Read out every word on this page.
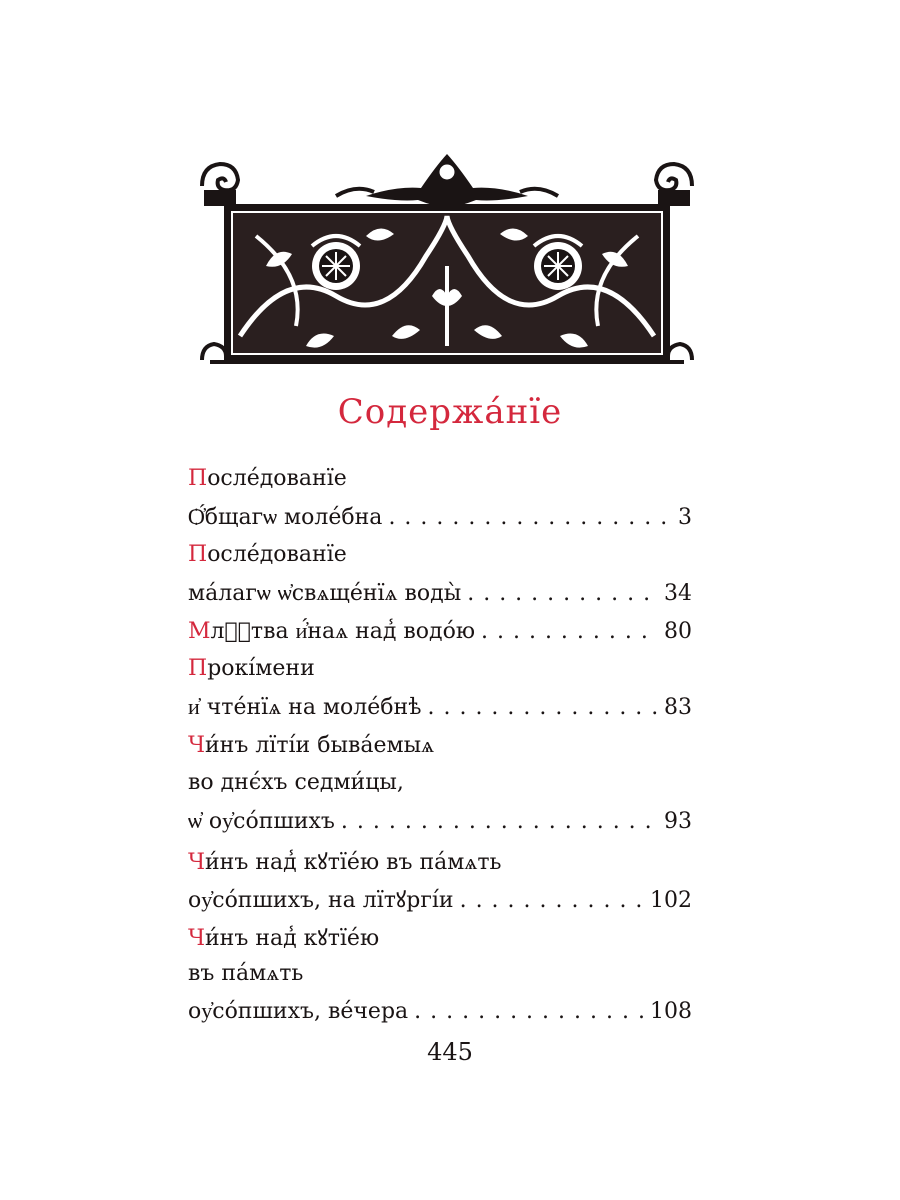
Содержа́нїе
После́дованїе
Ѻ҆́бщагѡ моле́бна . . .	3
После́дованїе
ма́лагѡ ѡ҆свѧще́нїѧ воды̀ . . .	34
Млⷭ҇тва и҆́наѧ над̾ водо́ю . . .	80
Прокі́мени
и҆ чте́нїѧ на моле́бнѣ . . .	83
Чи́нъ лїті́и быва́емыѧ
во днє́хъ седми́цы,
ѡ҆ оу҆со́пшихъ . . .	93
Чи́нъ над̾ кꙋтїе́ю въ па́мѧть
оу҆со́пшихъ, на лїтꙋргі́и . . .	102
Чи́нъ над̾ кꙋтїе́ю
въ па́мѧть
оу҆со́пшихъ, ве́чера . . .	108
445
